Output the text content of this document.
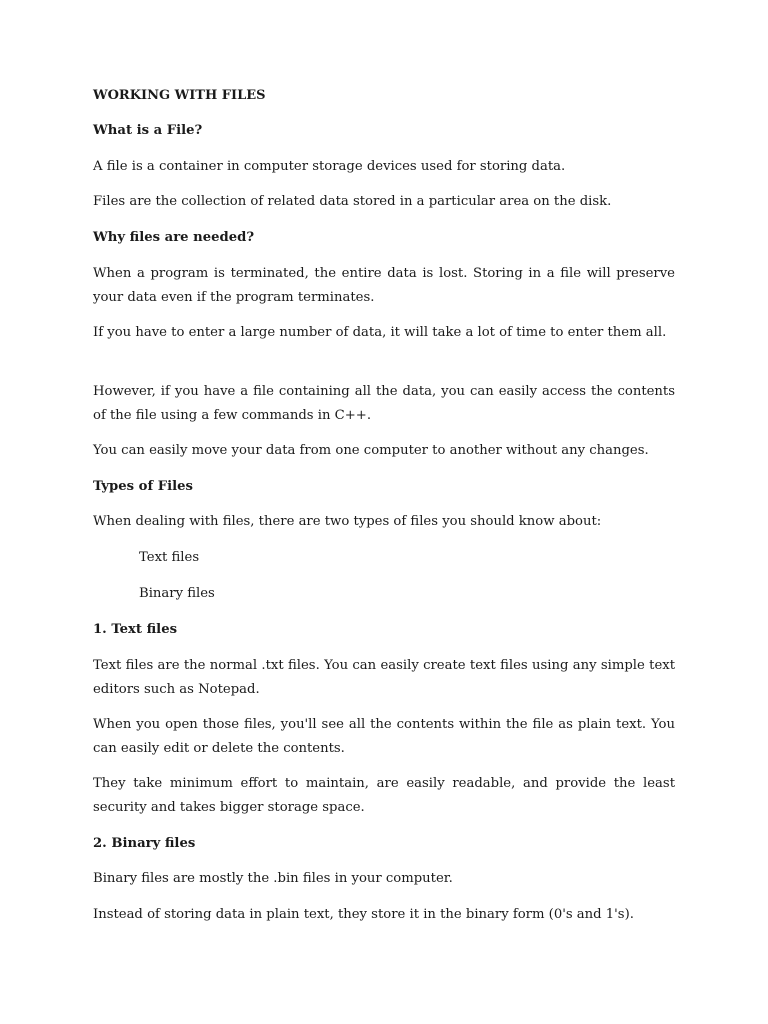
WORKING WITH FILES
What is a File?
A file is a container in computer storage devices used for storing data.
Files are the collection of related data stored in a particular area on the disk.
Why files are needed?
When a program is terminated, the entire data is lost. Storing in a file will preserve your data even if the program terminates.
If you have to enter a large number of data, it will take a lot of time to enter them all.
However, if you have a file containing all the data, you can easily access the contents of the file using a few commands in C++.
You can easily move your data from one computer to another without any changes.
Types of Files
When dealing with files, there are two types of files you should know about:
Text files
Binary files
1. Text files
Text files are the normal .txt files. You can easily create text files using any simple text editors such as Notepad.
When you open those files, you'll see all the contents within the file as plain text. You can easily edit or delete the contents.
They take minimum effort to maintain, are easily readable, and provide the least security and takes bigger storage space.
2. Binary files
Binary files are mostly the .bin files in your computer.
Instead of storing data in plain text, they store it in the binary form (0's and 1's).
